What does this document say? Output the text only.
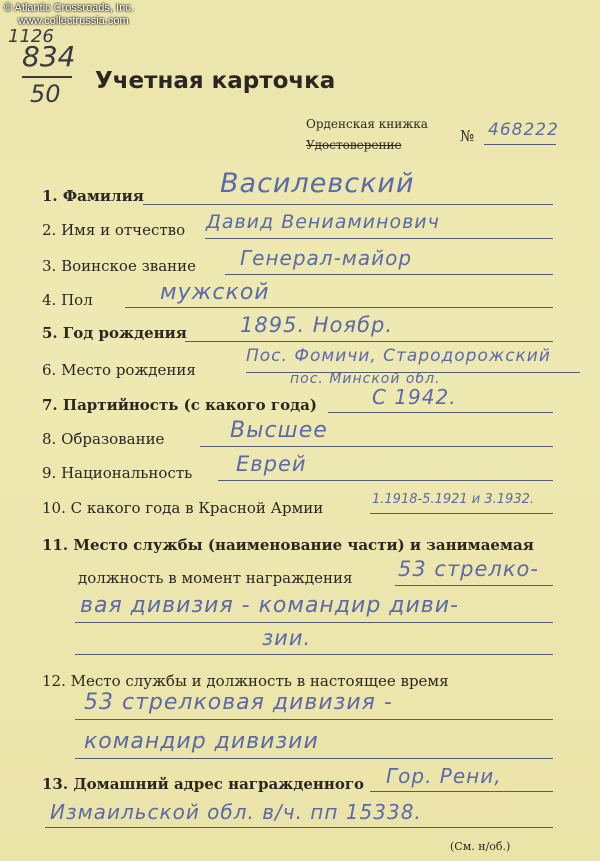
© Atlantic Crossroads, Inc.
www.collectrussia.com
1126
834
50 Учетная карточка
Орденская книжка
Удостоверение	№ 468222
1. Фамилия	Василевский
2. Имя и отчество Давид Вениаминович
3. Воинское звание Генерал-майор
4. Пол	мужской
5. Год рождения	1895. Ноябр.
6. Место рождения
Пос. Фомичи, Стародорожский
пос. Минской обл.
7. Партийность (с какого года)	С 1942.
8. Образование	Высшее
9. Национальность Еврей
10. С какого года в Красной Армии	1.1918-5.1921 и 3.1932.
11. Место службы (наименование части) и занимаемая
должность в момент награждения 53 стрелко-
вая дивизия - командир диви-
зии.
12. Место службы и должность в настоящее время
53 стрелковая дивизия -
командир дивизии
13. Домашний адрес награжденного Гор. Рени,
Измаильской обл. в/ч. пп 15338.
(См. н/об.)
